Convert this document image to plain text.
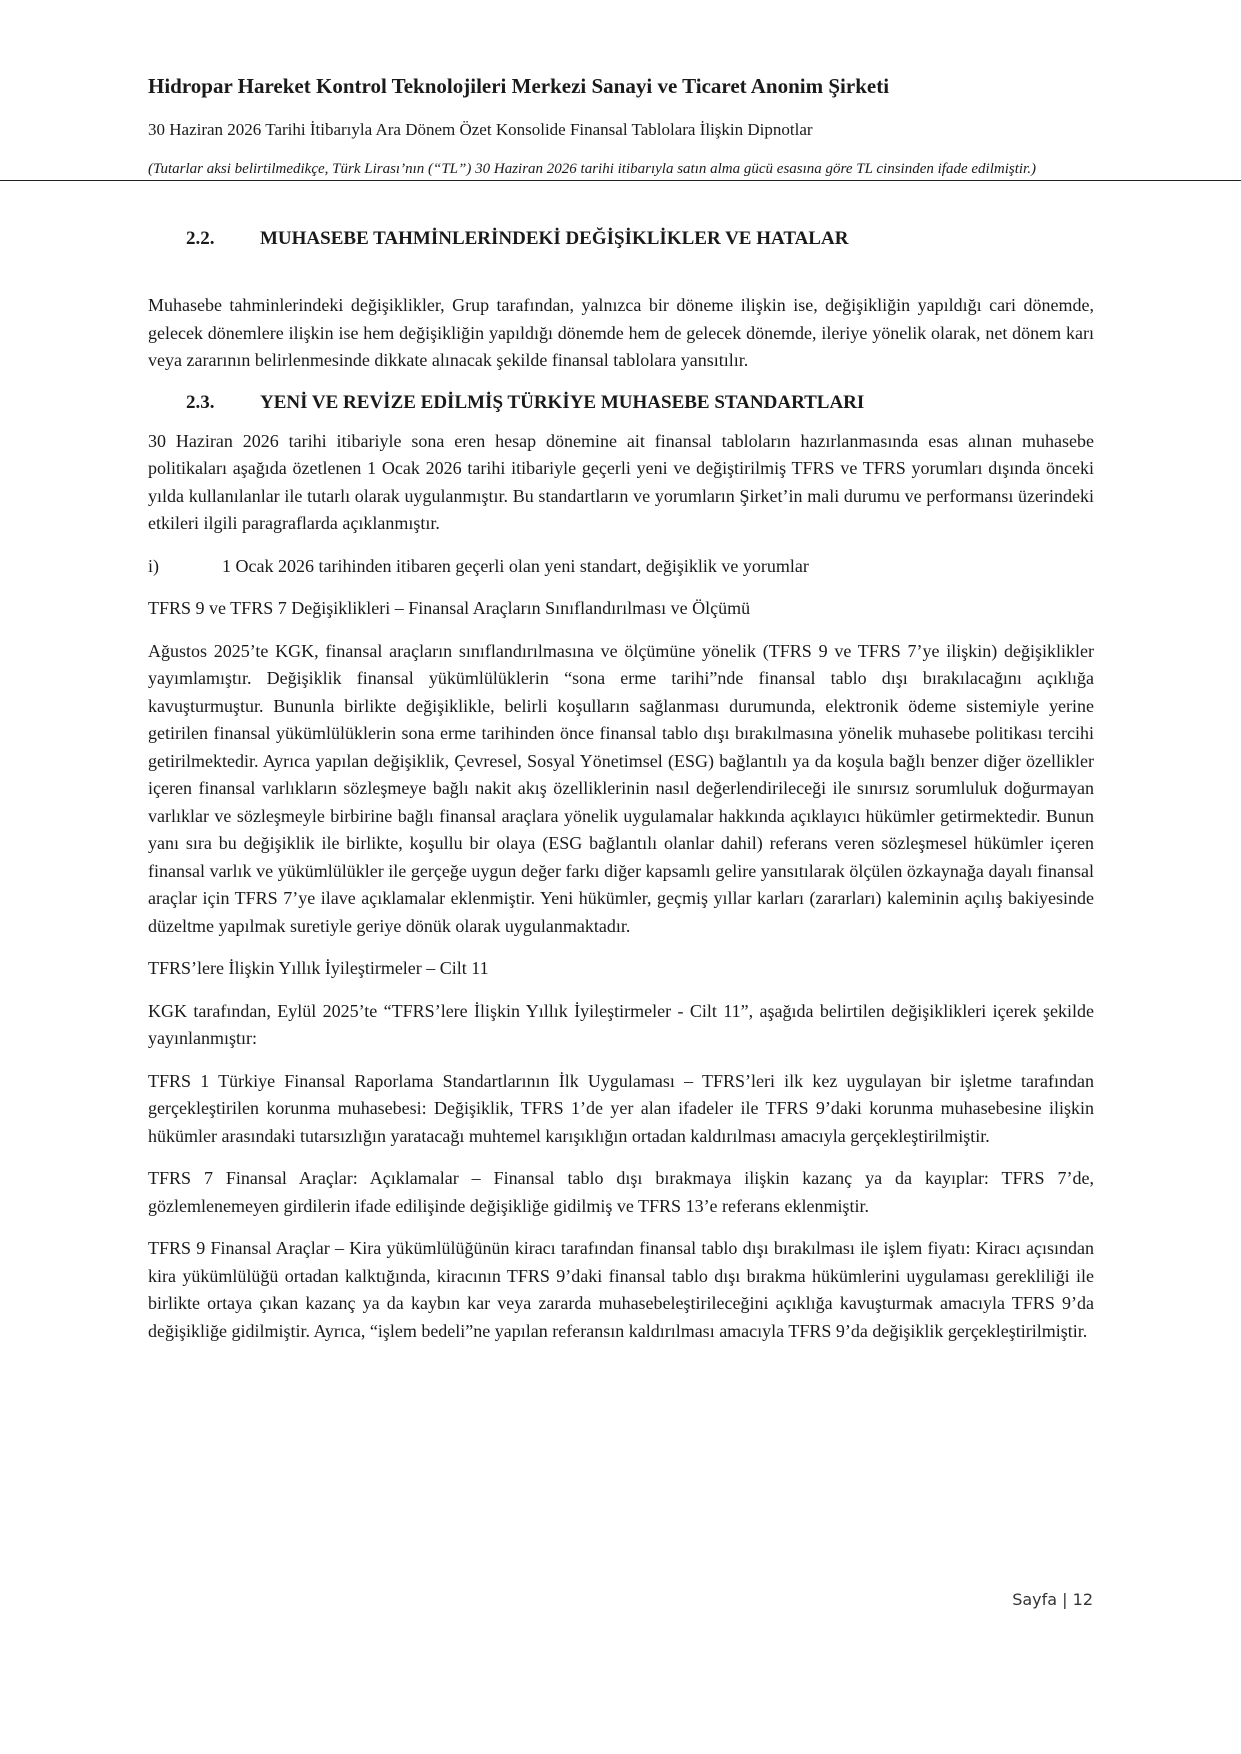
Hidropar Hareket Kontrol Teknolojileri Merkezi Sanayi ve Ticaret Anonim Şirketi

30 Haziran 2026 Tarihi İtibarıyla Ara Dönem Özet Konsolide Finansal Tablolara İlişkin Dipnotlar

(Tutarlar aksi belirtilmedikçe, Türk Lirası’nın (“TL”) 30 Haziran 2026 tarihi itibarıyla satın alma gücü esasına göre TL cinsinden ifade edilmiştir.)

2.2.	MUHASEBE TAHMİNLERİNDEKİ DEĞİŞİKLİKLER VE HATALAR

Muhasebe tahminlerindeki değişiklikler, Grup tarafından, yalnızca bir döneme ilişkin ise, değişikliğin yapıldığı cari dönemde, gelecek dönemlere ilişkin ise hem değişikliğin yapıldığı dönemde hem de gelecek dönemde, ileriye yönelik olarak, net dönem karı veya zararının belirlenmesinde dikkate alınacak şekilde finansal tablolara yansıtılır.

2.3.	YENİ VE REVİZE EDİLMİŞ TÜRKİYE MUHASEBE STANDARTLARI

30 Haziran 2026 tarihi itibariyle sona eren hesap dönemine ait finansal tabloların hazırlanmasında esas alınan muhasebe politikaları aşağıda özetlenen 1 Ocak 2026 tarihi itibariyle geçerli yeni ve değiştirilmiş TFRS ve TFRS yorumları dışında önceki yılda kullanılanlar ile tutarlı olarak uygulanmıştır. Bu standartların ve yorumların Şirket’in mali durumu ve performansı üzerindeki etkileri ilgili paragraflarda açıklanmıştır.

i)	1 Ocak 2026 tarihinden itibaren geçerli olan yeni standart, değişiklik ve yorumlar

TFRS 9 ve TFRS 7 Değişiklikleri – Finansal Araçların Sınıflandırılması ve Ölçümü

Ağustos 2025’te KGK, finansal araçların sınıflandırılmasına ve ölçümüne yönelik (TFRS 9 ve TFRS 7’ye ilişkin) değişiklikler yayımlamıştır. Değişiklik finansal yükümlülüklerin “sona erme tarihi”nde finansal tablo dışı bırakılacağını açıklığa kavuşturmuştur. Bununla birlikte değişiklikle, belirli koşulların sağlanması durumunda, elektronik ödeme sistemiyle yerine getirilen finansal yükümlülüklerin sona erme tarihinden önce finansal tablo dışı bırakılmasına yönelik muhasebe politikası tercihi getirilmektedir. Ayrıca yapılan değişiklik, Çevresel, Sosyal Yönetimsel (ESG) bağlantılı ya da koşula bağlı benzer diğer özellikler içeren finansal varlıkların sözleşmeye bağlı nakit akış özelliklerinin nasıl değerlendirileceği ile sınırsız sorumluluk doğurmayan varlıklar ve sözleşmeyle birbirine bağlı finansal araçlara yönelik uygulamalar hakkında açıklayıcı hükümler getirmektedir. Bunun yanı sıra bu değişiklik ile birlikte, koşullu bir olaya (ESG bağlantılı olanlar dahil) referans veren sözleşmesel hükümler içeren finansal varlık ve yükümlülükler ile gerçeğe uygun değer farkı diğer kapsamlı gelire yansıtılarak ölçülen özkaynağa dayalı finansal araçlar için TFRS 7’ye ilave açıklamalar eklenmiştir. Yeni hükümler, geçmiş yıllar karları (zararları) kaleminin açılış bakiyesinde düzeltme yapılmak suretiyle geriye dönük olarak uygulanmaktadır.

TFRS’lere İlişkin Yıllık İyileştirmeler – Cilt 11

KGK tarafından, Eylül 2025’te “TFRS’lere İlişkin Yıllık İyileştirmeler - Cilt 11”, aşağıda belirtilen değişiklikleri içerek şekilde yayınlanmıştır:

TFRS 1 Türkiye Finansal Raporlama Standartlarının İlk Uygulaması – TFRS’leri ilk kez uygulayan bir işletme tarafından gerçekleştirilen korunma muhasebesi: Değişiklik, TFRS 1’de yer alan ifadeler ile TFRS 9’daki korunma muhasebesine ilişkin hükümler arasındaki tutarsızlığın yaratacağı muhtemel karışıklığın ortadan kaldırılması amacıyla gerçekleştirilmiştir.

TFRS 7 Finansal Araçlar: Açıklamalar – Finansal tablo dışı bırakmaya ilişkin kazanç ya da kayıplar: TFRS 7’de, gözlemlenemeyen girdilerin ifade edilişinde değişikliğe gidilmiş ve TFRS 13’e referans eklenmiştir.

TFRS 9 Finansal Araçlar – Kira yükümlülüğünün kiracı tarafından finansal tablo dışı bırakılması ile işlem fiyatı: Kiracı açısından kira yükümlülüğü ortadan kalktığında, kiracının TFRS 9’daki finansal tablo dışı bırakma hükümlerini uygulaması gerekliliği ile birlikte ortaya çıkan kazanç ya da kaybın kar veya zararda muhasebeleştirileceğini açıklığa kavuşturmak amacıyla TFRS 9’da değişikliğe gidilmiştir. Ayrıca, “işlem bedeli”ne yapılan referansın kaldırılması amacıyla TFRS 9’da değişiklik gerçekleştirilmiştir.

Sayfa | 12
